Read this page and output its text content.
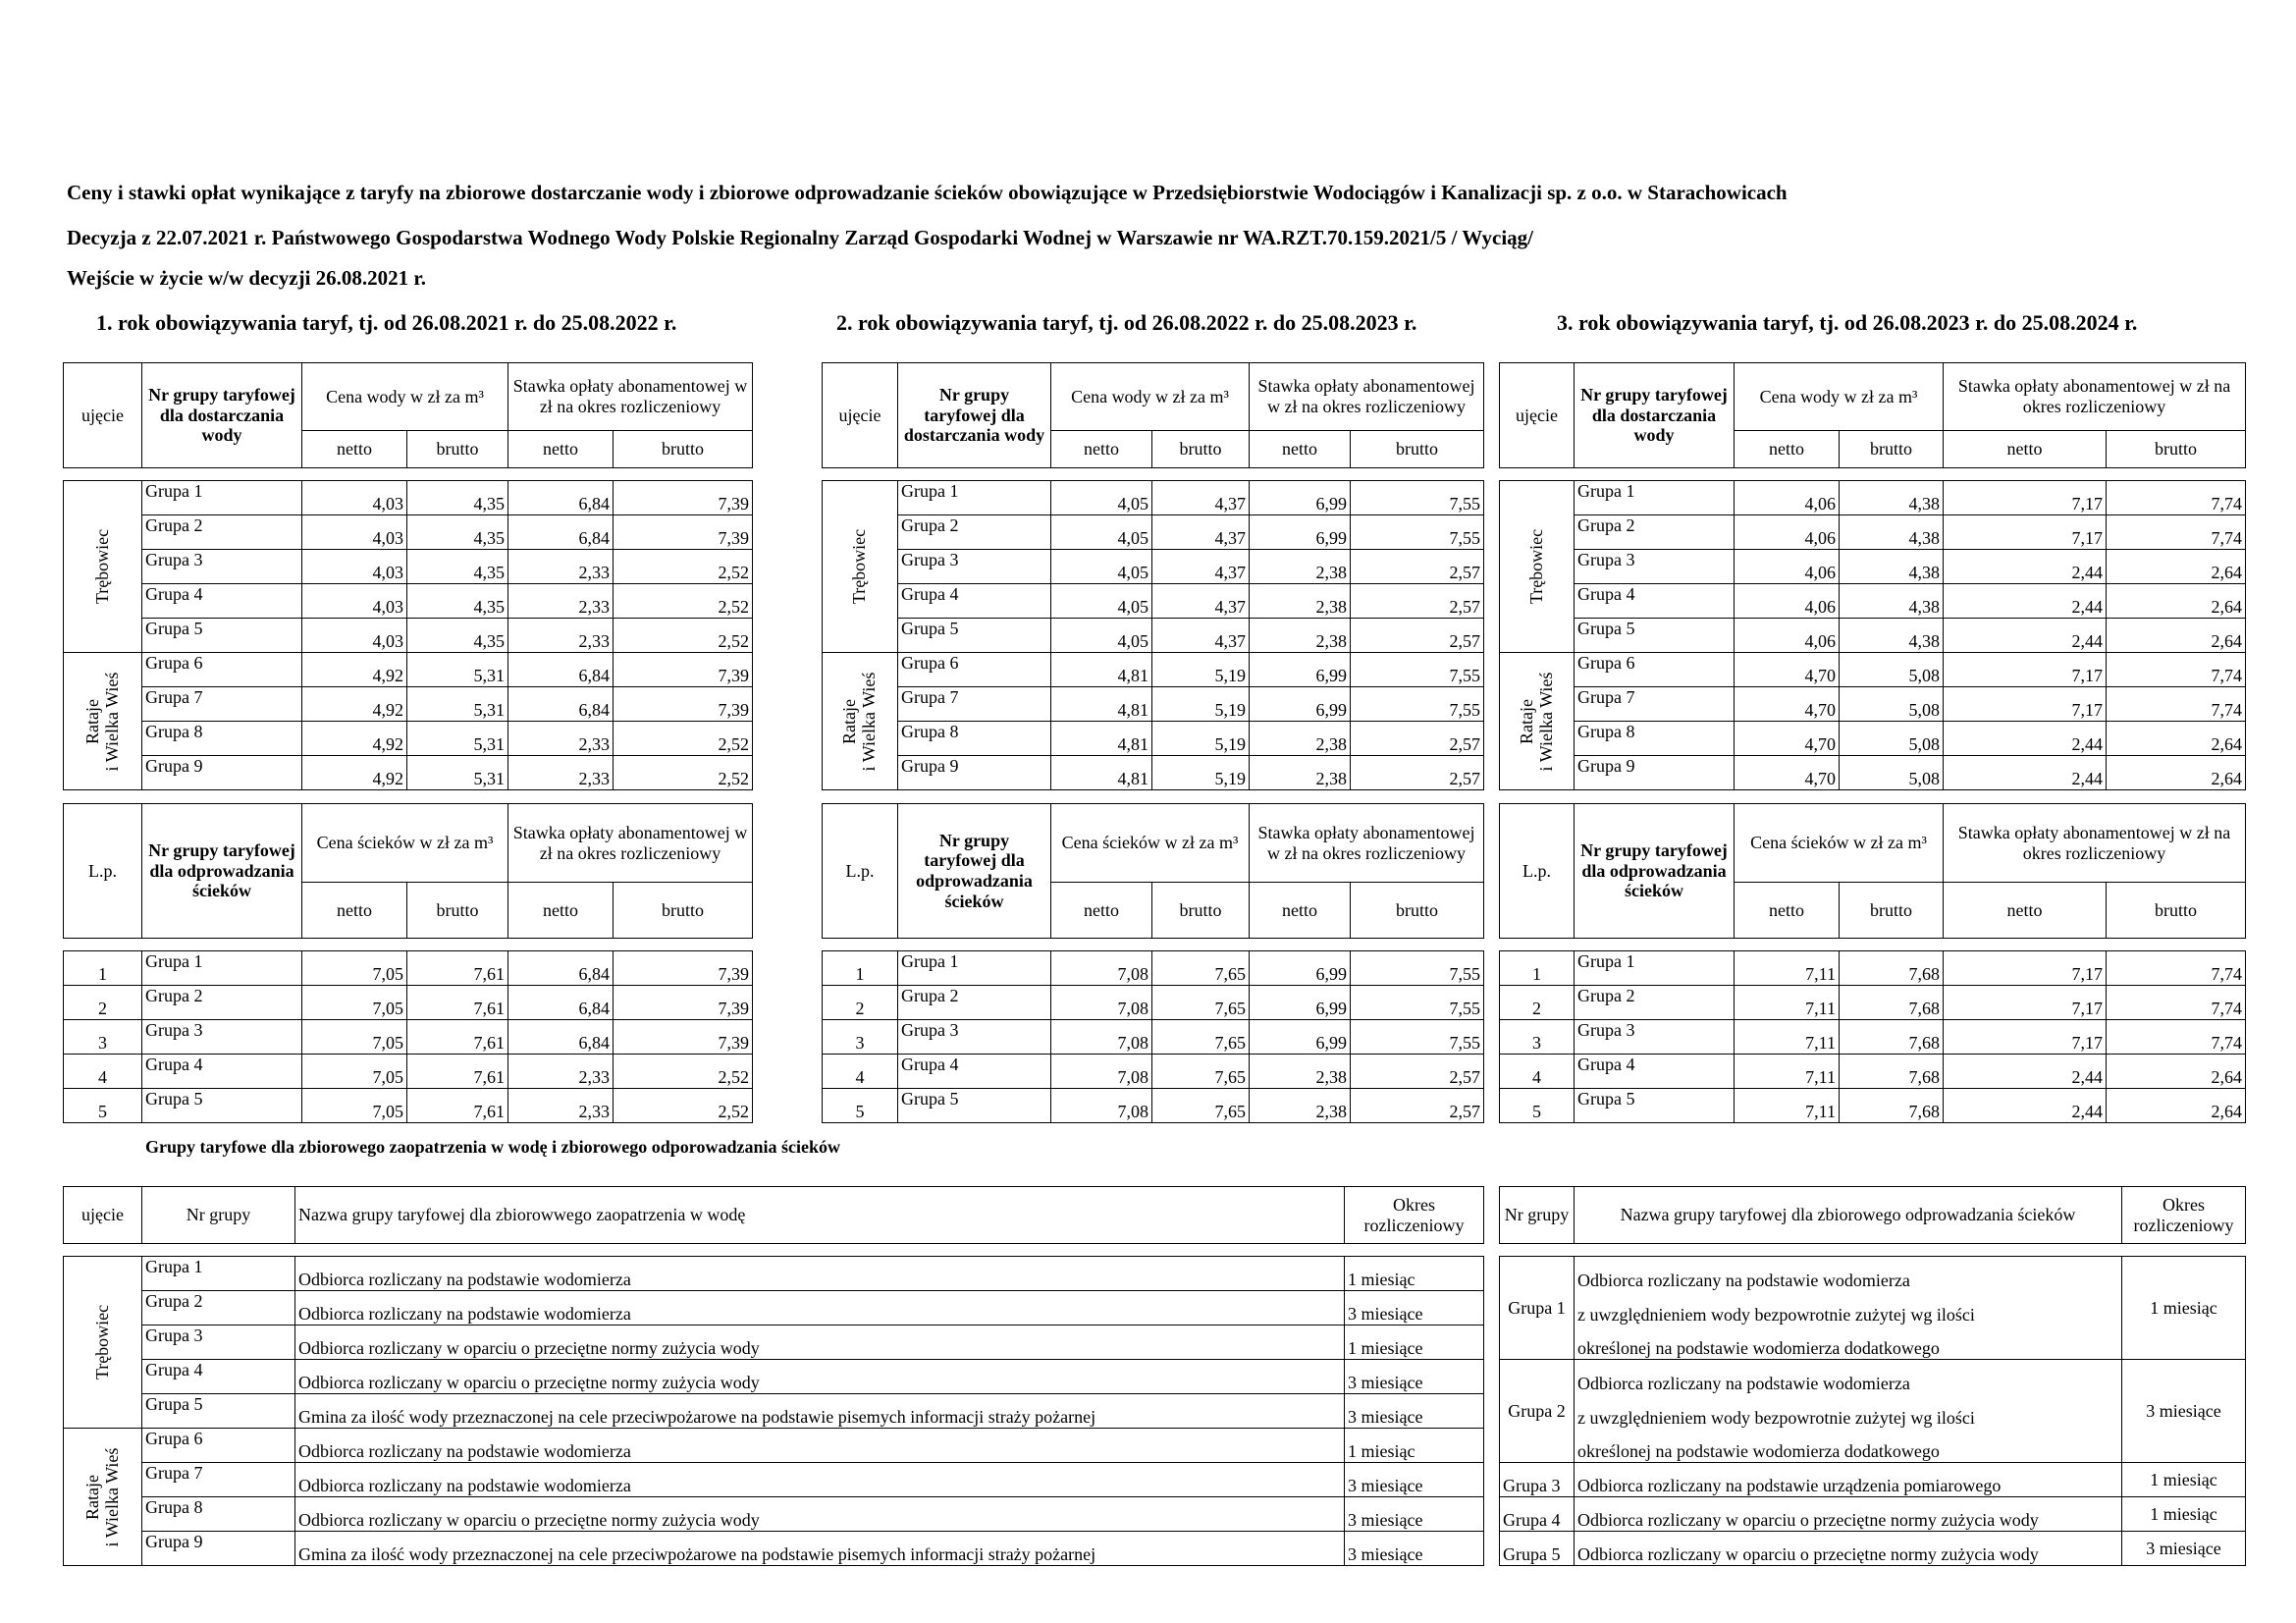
Ceny i stawki opłat wynikające z taryfy na zbiorowe dostarczanie wody i zbiorowe odprowadzanie ścieków obowiązujące w Przedsiębiorstwie Wodociągów i Kanalizacji sp. z o.o. w Starachowicach
Decyzja z 22.07.2021 r. Państwowego Gospodarstwa Wodnego Wody Polskie Regionalny Zarząd Gospodarki Wodnej w Warszawie nr WA.RZT.70.159.2021/5 / Wyciąg/
Wejście w życie w/w decyzji 26.08.2021 r.
1. rok obowiązywania taryf, tj. od 26.08.2021 r. do 25.08.2022 r.	2. rok obowiązywania taryf, tj. od 26.08.2022 r. do 25.08.2023 r.	3. rok obowiązywania taryf, tj. od 26.08.2023 r. do 25.08.2024 r.
Grupy taryfowe dla zbiorowego zaopatrzenia w wodę i zbiorowego odporowadzania ścieków
ujęcie	Nr grupy taryfowej dla dostarczania wody	Cena wody w zł za m³		Stawka opłaty abonamentowej w zł na okres rozliczeniowy	
		netto	brutto	netto	brutto

Trębowiec	Grupa 1	4,03	4,35	6,84	7,39
	Grupa 2	4,03	4,35	6,84	7,39
	Grupa 3	4,03	4,35	2,33	2,52
	Grupa 4	4,03	4,35	2,33	2,52
	Grupa 5	4,03	4,35	2,33	2,52

Rataje i Wielka Wieś	Grupa 6	4,92	5,31	6,84	7,39
	Grupa 7	4,92	5,31	6,84	7,39
	Grupa 8	4,92	5,31	2,33	2,52
	Grupa 9	4,92	5,31	2,33	2,52
ujęcie	Nr grupy taryfowej dla dostarczania wody	Cena wody w zł za m³		Stawka opłaty abonamentowej w zł na okres rozliczeniowy	
		netto	brutto	netto	brutto

Trębowiec	Grupa 1	4,05	4,37	6,99	7,55
	Grupa 2	4,05	4,37	6,99	7,55
	Grupa 3	4,05	4,37	2,38	2,57
	Grupa 4	4,05	4,37	2,38	2,57
	Grupa 5	4,05	4,37	2,38	2,57

Rataje i Wielka Wieś	Grupa 6	4,81	5,19	6,99	7,55
	Grupa 7	4,81	5,19	6,99	7,55
	Grupa 8	4,81	5,19	2,38	2,57
	Grupa 9	4,81	5,19	2,38	2,57
ujęcie	Nr grupy taryfowej dla dostarczania wody	Cena wody w zł za m³		Stawka opłaty abonamentowej w zł na okres rozliczeniowy	
		netto	brutto	netto	brutto

Trębowiec	Grupa 1	4,06	4,38	7,17	7,74
	Grupa 2	4,06	4,38	7,17	7,74
	Grupa 3	4,06	4,38	2,44	2,64
	Grupa 4	4,06	4,38	2,44	2,64
	Grupa 5	4,06	4,38	2,44	2,64

Rataje i Wielka Wieś	Grupa 6	4,70	5,08	7,17	7,74
	Grupa 7	4,70	5,08	7,17	7,74
	Grupa 8	4,70	5,08	2,44	2,64
	Grupa 9	4,70	5,08	2,44	2,64
L.p.	Nr grupy taryfowej dla odprowadzania ścieków	Cena ścieków w zł za m³		Stawka opłaty abonamentowej w zł na okres rozliczeniowy	
		netto	brutto	netto	brutto

1	Grupa 1	7,05	7,61	6,84	7,39
2	Grupa 2	7,05	7,61	6,84	7,39
3	Grupa 3	7,05	7,61	6,84	7,39
4	Grupa 4	7,05	7,61	2,33	2,52
5	Grupa 5	7,05	7,61	2,33	2,52
L.p.	Nr grupy taryfowej dla odprowadzania ścieków	Cena ścieków w zł za m³		Stawka opłaty abonamentowej w zł na okres rozliczeniowy	
		netto	brutto	netto	brutto

1	Grupa 1	7,08	7,65	6,99	7,55
2	Grupa 2	7,08	7,65	6,99	7,55
3	Grupa 3	7,08	7,65	6,99	7,55
4	Grupa 4	7,08	7,65	2,38	2,57
5	Grupa 5	7,08	7,65	2,38	2,57
L.p.	Nr grupy taryfowej dla odprowadzania ścieków	Cena ścieków w zł za m³		Stawka opłaty abonamentowej w zł na okres rozliczeniowy	
		netto	brutto	netto	brutto

1	Grupa 1	7,11	7,68	7,17	7,74
2	Grupa 2	7,11	7,68	7,17	7,74
3	Grupa 3	7,11	7,68	7,17	7,74
4	Grupa 4	7,11	7,68	2,44	2,64
5	Grupa 5	7,11	7,68	2,44	2,64
ujęcie	Nr grupy	Nazwa grupy taryfowej dla zbiorowwego zaopatrzenia w wodę	Okres rozliczeniowy

Trębowiec	Grupa 1	Odbiorca rozliczany na podstawie wodomierza	1 miesiąc
	Grupa 2	Odbiorca rozliczany na podstawie wodomierza	3 miesiące
	Grupa 3	Odbiorca rozliczany w oparciu o przeciętne normy zużycia wody	1 miesiące
	Grupa 4	Odbiorca rozliczany w oparciu o przeciętne normy zużycia wody	3 miesiące
	Grupa 5	Gmina za ilość wody przeznaczonej na cele przeciwpożarowe na podstawie pisemych informacji straży pożarnej	3 miesiące

Rataje i Wielka Wieś	Grupa 6	Odbiorca rozliczany na podstawie wodomierza	1 miesiąc
	Grupa 7	Odbiorca rozliczany na podstawie wodomierza	3 miesiące
	Grupa 8	Odbiorca rozliczany w oparciu o przeciętne normy zużycia wody	3 miesiące
	Grupa 9	Gmina za ilość wody przeznaczonej na cele przeciwpożarowe na podstawie pisemych informacji straży pożarnej	3 miesiące
Nr grupy	Nazwa grupy taryfowej dla zbiorowego odprowadzania ścieków	Okres rozliczeniowy

Grupa 1	Odbiorca rozliczany na podstawie wodomierza	1 miesiąc
	z uwzględnieniem wody bezpowrotnie zużytej wg ilości	
	określonej na podstawie wodomierza dodatkowego	
Grupa 2	Odbiorca rozliczany na podstawie wodomierza	3 miesiące
	z uwzględnieniem wody bezpowrotnie zużytej wg ilości	
	określonej na podstawie wodomierza dodatkowego	
Grupa 3	Odbiorca rozliczany na podstawie urządzenia pomiarowego	1 miesiąc
Grupa 4	Odbiorca rozliczany w oparciu o przeciętne normy zużycia wody	1 miesiąc
Grupa 5	Odbiorca rozliczany w oparciu o przeciętne normy zużycia wody	3 miesiące
